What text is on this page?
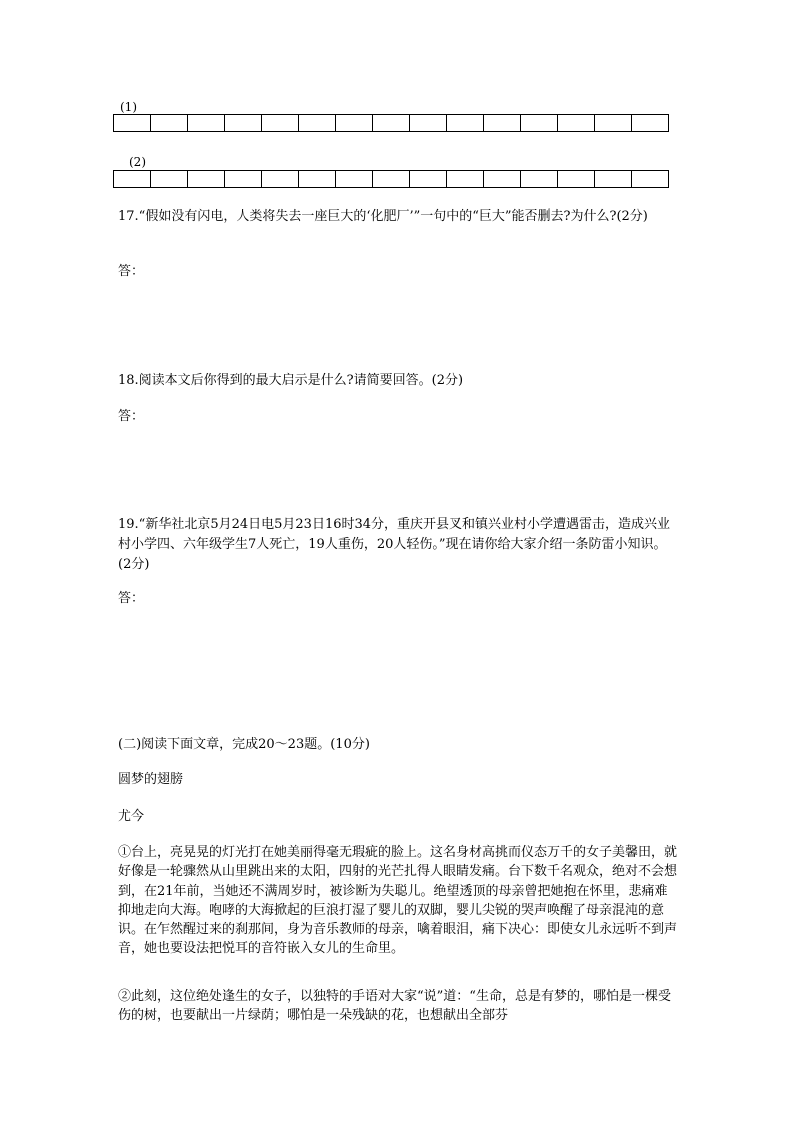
(1)
(2)
17.“假如没有闪电，人类将失去一座巨大的‘化肥厂’”一句中的“巨大”能否删去?为什么?(2分)
答：
18.阅读本文后你得到的最大启示是什么?请简要回答。(2分)
答：
19.“新华社北京5月24日电5月23日16时34分，重庆开县叉和镇兴业村小学遭遇雷击，造成兴业村小学四、六年级学生7人死亡，19人重伤，20人轻伤。”现在请你给大家介绍一条防雷小知识。(2分)
答：
(二)阅读下面文章，完成20～23题。(10分)
圆梦的翅膀
尤今
①台上，亮晃晃的灯光打在她美丽得毫无瑕疵的脸上。这名身材高挑而仪态万千的女子美馨田，就好像是一轮骤然从山里跳出来的太阳，四射的光芒扎得人眼睛发痛。台下数千名观众，绝对不会想到，在21年前，当她还不满周岁时，被诊断为失聪儿。绝望透顶的母亲曾把她抱在怀里，悲痛难抑地走向大海。咆哮的大海掀起的巨浪打湿了婴儿的双脚，婴儿尖锐的哭声唤醒了母亲混沌的意识。在乍然醒过来的刹那间，身为音乐教师的母亲，噙着眼泪，痛下决心：即使女儿永远听不到声音，她也要设法把悦耳的音符嵌入女儿的生命里。
②此刻，这位绝处逢生的女子，以独特的手语对大家“说”道：“生命，总是有梦的，哪怕是一棵受伤的树，也要献出一片绿荫；哪怕是一朵残缺的花，也想献出全部芬
